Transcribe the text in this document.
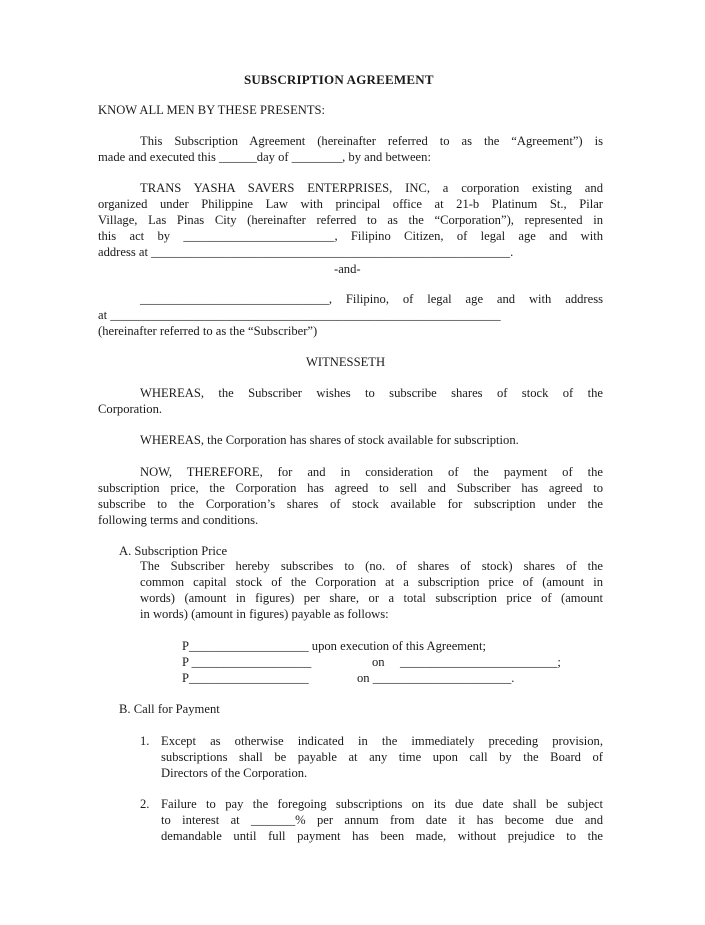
SUBSCRIPTION AGREEMENT

KNOW ALL MEN BY THESE PRESENTS:

This Subscription Agreement (hereinafter referred to as the “Agreement”) is

made and executed this ______day of ________, by and between:

TRANS YASHA SAVERS ENTERPRISES, INC, a corporation existing and

organized under Philippine Law with principal office at 21-b Platinum St., Pilar

Village, Las Pinas City (hereinafter referred to as the “Corporation”), represented in

this act by ________________________, Filipino Citizen, of legal age and with

address at _________________________________________________________.

-and-

______________________________, Filipino, of legal age and with address

at ______________________________________________________________

(hereinafter referred to as the “Subscriber”)

WITNESSETH

WHEREAS, the Subscriber wishes to subscribe shares of stock of the

Corporation.

WHEREAS, the Corporation has shares of stock available for subscription.

NOW, THEREFORE, for and in consideration of the payment of the

subscription price, the Corporation has agreed to sell and Subscriber has agreed to

subscribe to the Corporation’s shares of stock available for subscription under the

following terms and conditions.

A. Subscription Price

The Subscriber hereby subscribes to (no. of shares of stock) shares of the

common capital stock of the Corporation at a subscription price of (amount in

words) (amount in figures) per share, or a total subscription price of (amount

in words) (amount in figures) payable as follows:

P___________________ upon execution of this Agreement;

P ___________________	on _________________________;

P___________________	on ______________________.

B. Call for Payment

1. Except as otherwise indicated in the immediately preceding provision,

subscriptions shall be payable at any time upon call by the Board of

Directors of the Corporation.

2. Failure to pay the foregoing subscriptions on its due date shall be subject

to interest at _______% per annum from date it has become due and

demandable until full payment has been made, without prejudice to the
